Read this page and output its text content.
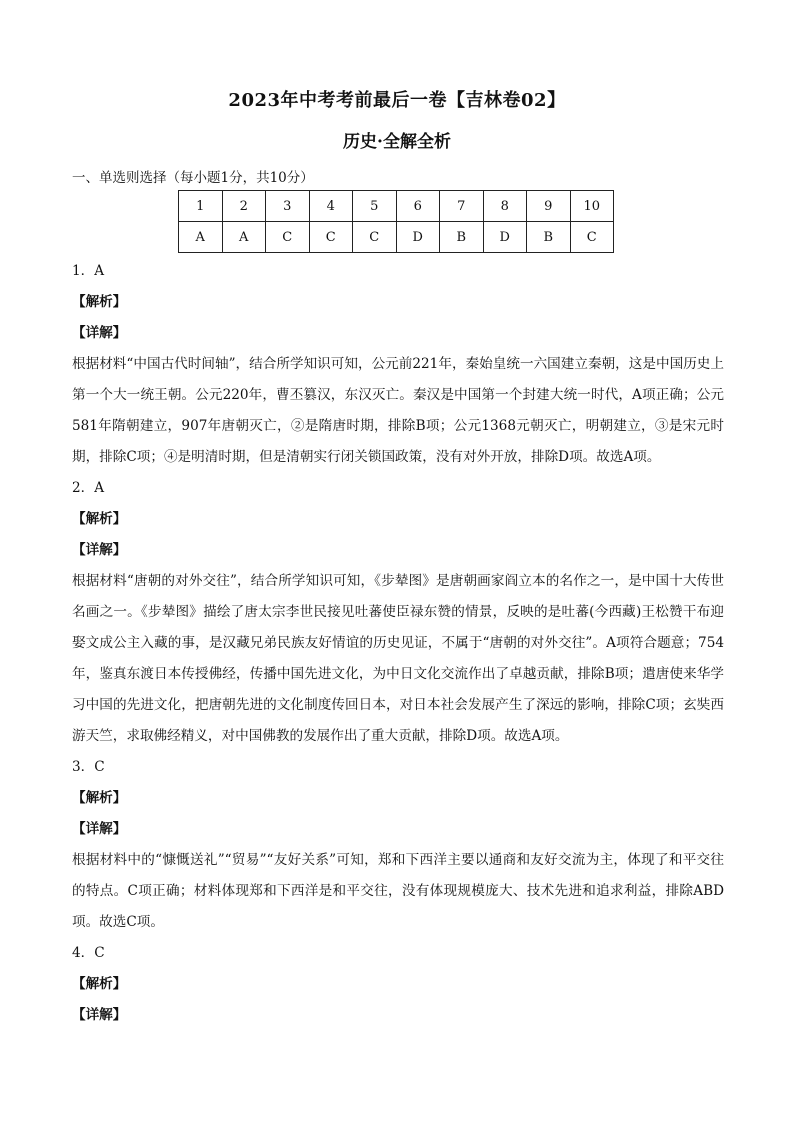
2023年中考考前最后一卷【吉林卷02】
历史·全解全析
一、单选则选择（每小题1分，共10分）
1	2	3	4	5	6	7	8	9	10
A	A	C	C	C	D	B	D	B	C
1．A
【解析】
【详解】
根据材料“中国古代时间轴”，结合所学知识可知，公元前221年，秦始皇统一六国建立秦朝，这是中国历史上第一个大一统王朝。公元220年，曹丕篡汉，东汉灭亡。秦汉是中国第一个封建大统一时代，A项正确；公元581年隋朝建立，907年唐朝灭亡，②是隋唐时期，排除B项；公元1368元朝灭亡，明朝建立，③是宋元时期，排除C项；④是明清时期，但是清朝实行闭关锁国政策，没有对外开放，排除D项。故选A项。
2．A
【解析】
【详解】
根据材料“唐朝的对外交往”，结合所学知识可知，《步辇图》是唐朝画家阎立本的名作之一，是中国十大传世名画之一。《步辇图》描绘了唐太宗李世民接见吐蕃使臣禄东赞的情景，反映的是吐蕃(今西藏)王松赞干布迎娶文成公主入藏的事，是汉藏兄弟民族友好情谊的历史见证，不属于“唐朝的对外交往”。A项符合题意；754年，鉴真东渡日本传授佛经，传播中国先进文化，为中日文化交流作出了卓越贡献，排除B项；遣唐使来华学习中国的先进文化，把唐朝先进的文化制度传回日本，对日本社会发展产生了深远的影响，排除C项；玄奘西游天竺，求取佛经精义，对中国佛教的发展作出了重大贡献，排除D项。故选A项。
3．C
【解析】
【详解】
根据材料中的“慷慨送礼”“贸易”“友好关系”可知，郑和下西洋主要以通商和友好交流为主，体现了和平交往的特点。C项正确；材料体现郑和下西洋是和平交往，没有体现规模庞大、技术先进和追求利益，排除ABD项。故选C项。
4．C
【解析】
【详解】
